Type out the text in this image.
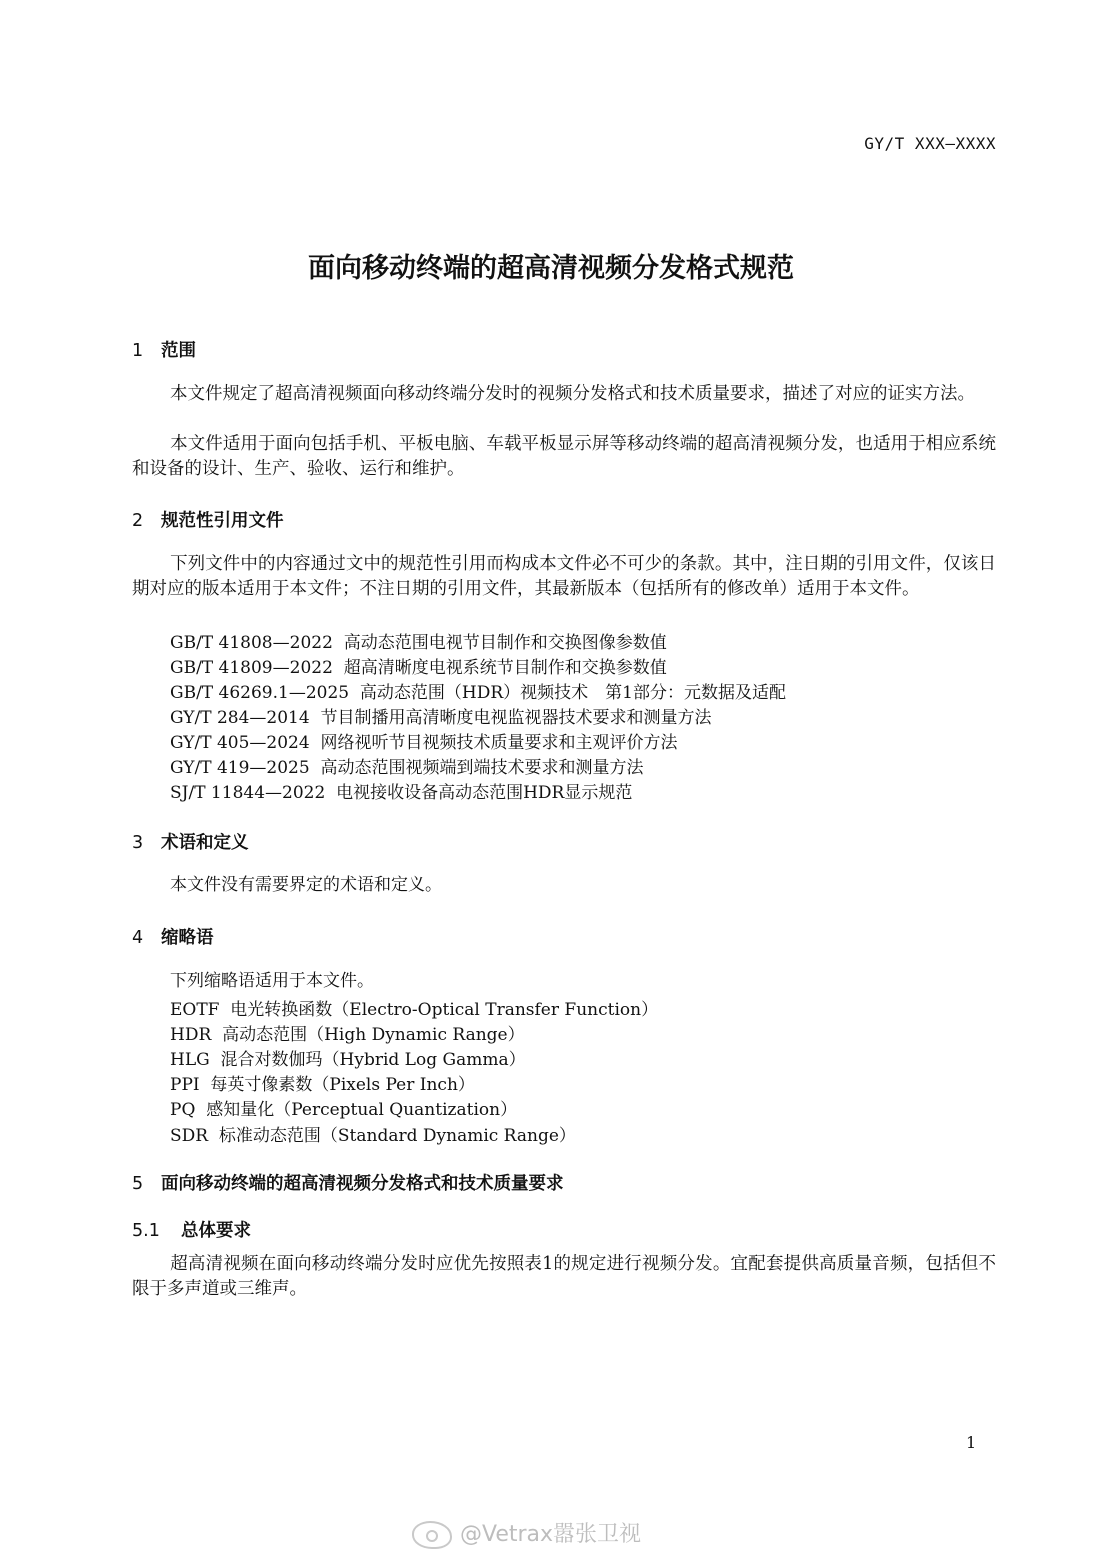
GY/T XXX—XXXX
面向移动终端的超高清视频分发格式规范
1 范围
本文件规定了超高清视频面向移动终端分发时的视频分发格式和技术质量要求，描述了对应的证实方法。
本文件适用于面向包括手机、平板电脑、车载平板显示屏等移动终端的超高清视频分发，也适用于相应系统和设备的设计、生产、验收、运行和维护。
2 规范性引用文件
下列文件中的内容通过文中的规范性引用而构成本文件必不可少的条款。其中，注日期的引用文件，仅该日期对应的版本适用于本文件；不注日期的引用文件，其最新版本（包括所有的修改单）适用于本文件。
GB/T 41808—2022 高动态范围电视节目制作和交换图像参数值
GB/T 41809—2022 超高清晰度电视系统节目制作和交换参数值
GB/T 46269.1—2025 高动态范围（HDR）视频技术　第1部分：元数据及适配
GY/T 284—2014 节目制播用高清晰度电视监视器技术要求和测量方法
GY/T 405—2024 网络视听节目视频技术质量要求和主观评价方法
GY/T 419—2025 高动态范围视频端到端技术要求和测量方法
SJ/T 11844—2022 电视接收设备高动态范围HDR显示规范
3 术语和定义
本文件没有需要界定的术语和定义。
4 缩略语
下列缩略语适用于本文件。
EOTF 电光转换函数（Electro-Optical Transfer Function）
HDR 高动态范围（High Dynamic Range）
HLG 混合对数伽玛（Hybrid Log Gamma）
PPI 每英寸像素数（Pixels Per Inch）
PQ 感知量化（Perceptual Quantization）
SDR 标准动态范围（Standard Dynamic Range）
5 面向移动终端的超高清视频分发格式和技术质量要求
5.1 总体要求
超高清视频在面向移动终端分发时应优先按照表1的规定进行视频分发。宜配套提供高质量音频，包括但不限于多声道或三维声。
1
@Vetrax嚣张卫视
